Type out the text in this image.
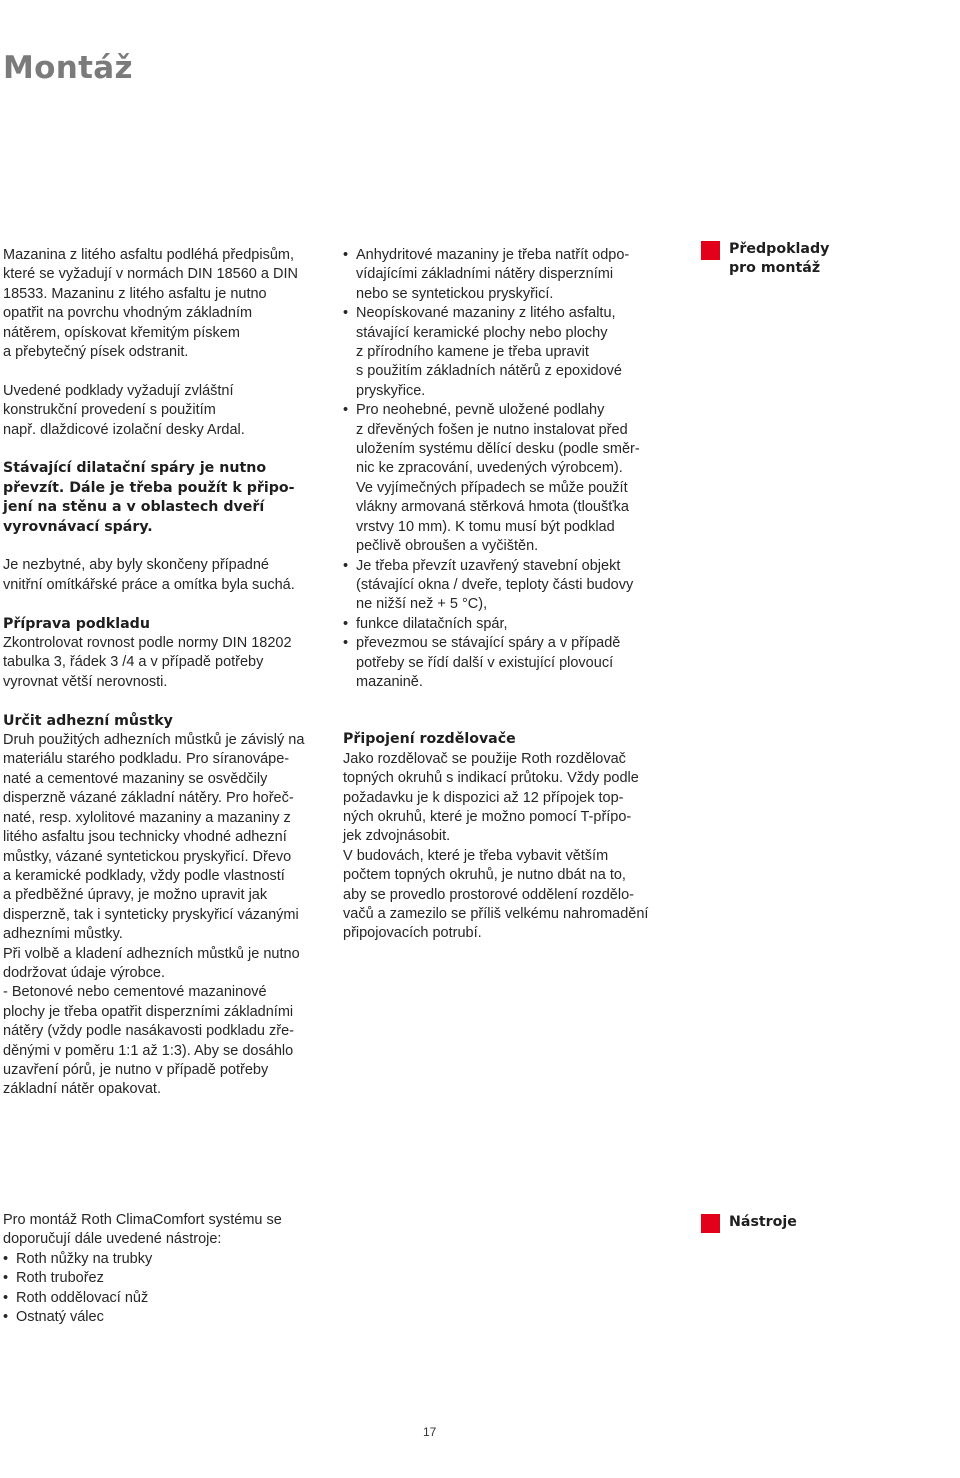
Montáž

Mazanina z litého asfaltu podléhá předpisům,
které se vyžadují v normách DIN 18560 a DIN
18533. Mazaninu z litého asfaltu je nutno
opatřit na povrchu vhodným základním
nátěrem, opískovat křemitým pískem
a přebytečný písek odstranit.

Uvedené podklady vyžadují zvláštní
konstrukční provedení s použitím
např. dlaždicové izolační desky Ardal.

Stávající dilatační spáry je nutno
převzít. Dále je třeba použít k připo-
jení na stěnu a v oblastech dveří
vyrovnávací spáry.

Je nezbytné, aby byly skončeny případné
vnitřní omítkářské práce a omítka byla suchá.

Příprava podkladu

Zkontrolovat rovnost podle normy DIN 18202
tabulka 3, řádek 3 /4 a v případě potřeby
vyrovnat větší nerovnosti.

Určit adhezní můstky

Druh použitých adhezních můstků je závislý na
materiálu starého podkladu. Pro síranovápe-
naté a cementové mazaniny se osvědčily
disperzně vázané základní nátěry. Pro hořeč-
naté, resp. xylolitové mazaniny a mazaniny z
litého asfaltu jsou technicky vhodné adhezní
můstky, vázané syntetickou pryskyřicí. Dřevo
a keramické podklady, vždy podle vlastností
a předběžné úpravy, je možno upravit jak
disperzně, tak i synteticky pryskyřicí vázanými
adhezními můstky.
Při volbě a kladení adhezních můstků je nutno
dodržovat údaje výrobce.
- Betonové nebo cementové mazaninové
plochy je třeba opatřit disperzními základními
nátěry (vždy podle nasákavosti podkladu zře-
děnými v poměru 1:1 až 1:3). Aby se dosáhlo
uzavření pórů, je nutno v případě potřeby
základní nátěr opakovat.

• Anhydritové mazaniny je třeba natřít odpo-
vídajícími základními nátěry disperzními
nebo se syntetickou pryskyřicí.
• Neopískované mazaniny z litého asfaltu,
stávající keramické plochy nebo plochy
z přírodního kamene je třeba upravit
s použitím základních nátěrů z epoxidové
pryskyřice.
• Pro neohebné, pevně uložené podlahy
z dřevěných fošen je nutno instalovat před
uložením systému dělící desku (podle směr-
nic ke zpracování, uvedených výrobcem).
Ve vyjímečných případech se může použít
vlákny armovaná stěrková hmota (tloušťka
vrstvy 10 mm). K tomu musí být podklad
pečlivě obroušen a vyčištěn.
• Je třeba převzít uzavřený stavební objekt
(stávající okna / dveře, teploty části budovy
ne nižší než + 5 °C),
• funkce dilatačních spár,
• převezmou se stávající spáry a v případě
potřeby se řídí další v existující plovoucí
mazanině.

Připojení rozdělovače

Jako rozdělovač se použije Roth rozdělovač
topných okruhů s indikací průtoku. Vždy podle
požadavku je k dispozici až 12 přípojek top-
ných okruhů, které je možno pomocí T-přípo-
jek zdvojnásobit.
V budovách, které je třeba vybavit větším
počtem topných okruhů, je nutno dbát na to,
aby se provedlo prostorové oddělení rozdělo-
vačů a zamezilo se příliš velkému nahromadění
připojovacích potrubí.

Předpoklady
pro montáž
Nástroje

Pro montáž Roth ClimaComfort systému se
doporučují dále uvedené nástroje:

• Roth nůžky na trubky
• Roth trubořez
• Roth oddělovací nůž
• Ostnatý válec
17
